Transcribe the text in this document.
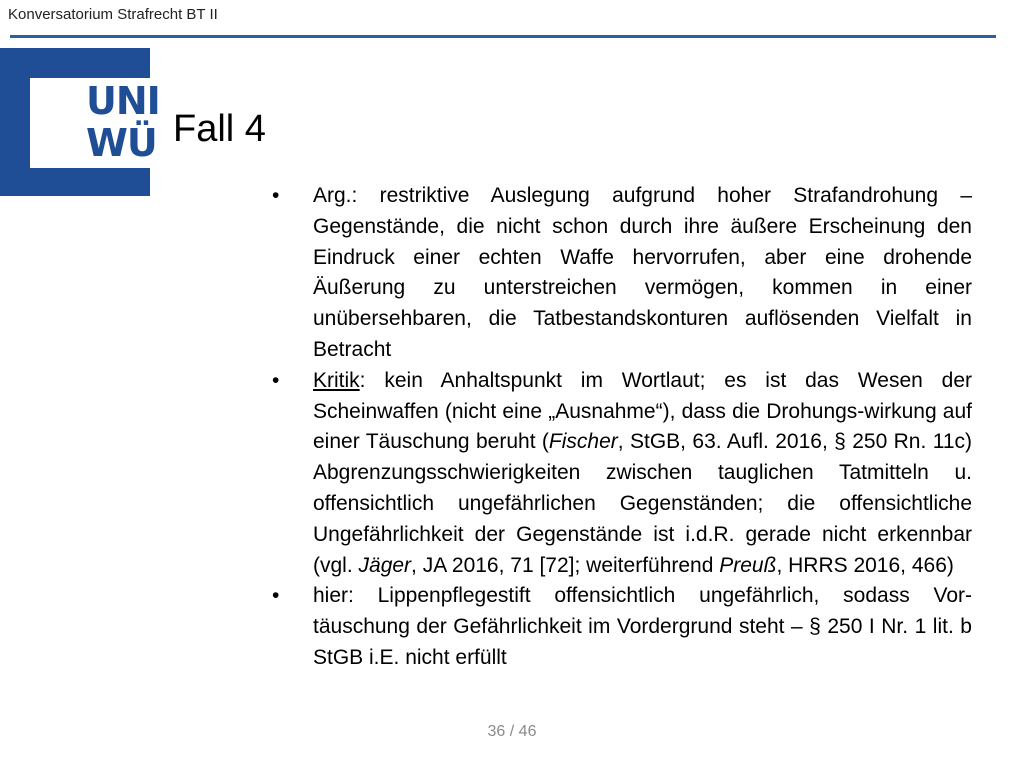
Konversatorium Strafrecht BT II
UNI
WÜ Fall 4
• Arg.: restriktive Auslegung aufgrund hoher Strafandrohung – Gegenstände, die nicht schon durch ihre äußere Erscheinung den Eindruck einer echten Waffe hervorrufen, aber eine drohende Äußerung zu unterstreichen vermögen, kommen in einer unübersehbaren, die Tatbestandskonturen auflösenden Vielfalt in Betracht
• Kritik: kein Anhaltspunkt im Wortlaut; es ist das Wesen der Scheinwaffen (nicht eine „Ausnahme“), dass die Drohungs-wirkung auf einer Täuschung beruht (Fischer, StGB, 63. Aufl. 2016, § 250 Rn. 11c) Abgrenzungsschwierigkeiten zwischen tauglichen Tatmitteln u. offensichtlich ungefährlichen Gegenständen; die offensichtliche Ungefährlichkeit der Gegenstände ist i.d.R. gerade nicht erkennbar (vgl. Jäger, JA 2016, 71 [72]; weiterführend Preuß, HRRS 2016, 466)
• hier: Lippenpflegestift offensichtlich ungefährlich, sodass Vor-täuschung der Gefährlichkeit im Vordergrund steht – § 250 I Nr. 1 lit. b StGB i.E. nicht erfüllt
36 / 46
